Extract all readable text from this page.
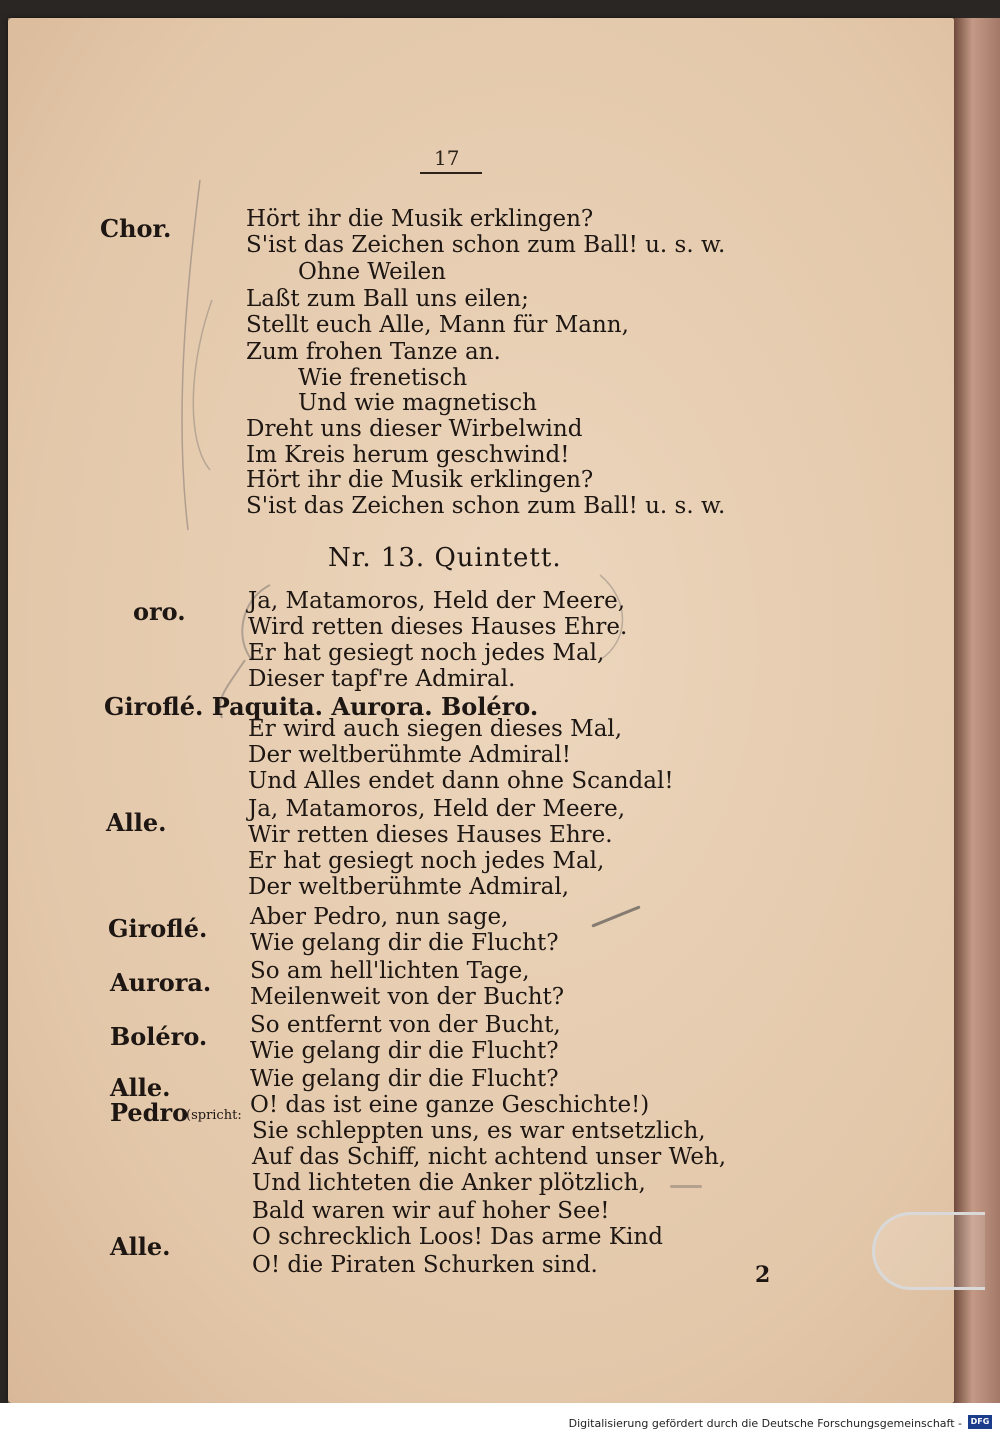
17
Chor.	Hört ihr die Musik erklingen?
S'ist das Zeichen schon zum Ball! u. s. w.
Ohne Weilen
Laßt zum Ball uns eilen;
Stellt euch Alle, Mann für Mann,
Zum frohen Tanze an.
Wie frenetisch
Und wie magnetisch
Dreht uns dieser Wirbelwind
Im Kreis herum geschwind!
Hört ihr die Musik erklingen?
S'ist das Zeichen schon zum Ball! u. s. w.
Nr. 13. Quintett.
oro.	Ja, Matamoros, Held der Meere,
Wird retten dieses Hauses Ehre.
Er hat gesiegt noch jedes Mal,
Dieser tapf're Admiral.
Giroflé. Paquita. Aurora. Boléro.
Er wird auch siegen dieses Mal,
Der weltberühmte Admiral!
Und Alles endet dann ohne Scandal!
Alle.	Ja, Matamoros, Held der Meere,
Wir retten dieses Hauses Ehre.
Er hat gesiegt noch jedes Mal,
Der weltberühmte Admiral,
Giroflé. Aber Pedro, nun sage,
Wie gelang dir die Flucht?
Aurora. So am hell'lichten Tage,
Meilenweit von der Bucht?
Boléro. So entfernt von der Bucht,
Wie gelang dir die Flucht?
Alle.	Wie gelang dir die Flucht?
Pedro
(spricht: O! das ist eine ganze Geschichte!)
Sie schleppten uns, es war entsetzlich,
Auf das Schiff, nicht achtend unser Weh,
Und lichteten die Anker plötzlich,
Bald waren wir auf hoher See!
Alle.	O schrecklich Loos! Das arme Kind
O! die Piraten Schurken sind.	2
Digitalisierung gefördert durch die Deutsche Forschungsgemeinschaft -	DFG
